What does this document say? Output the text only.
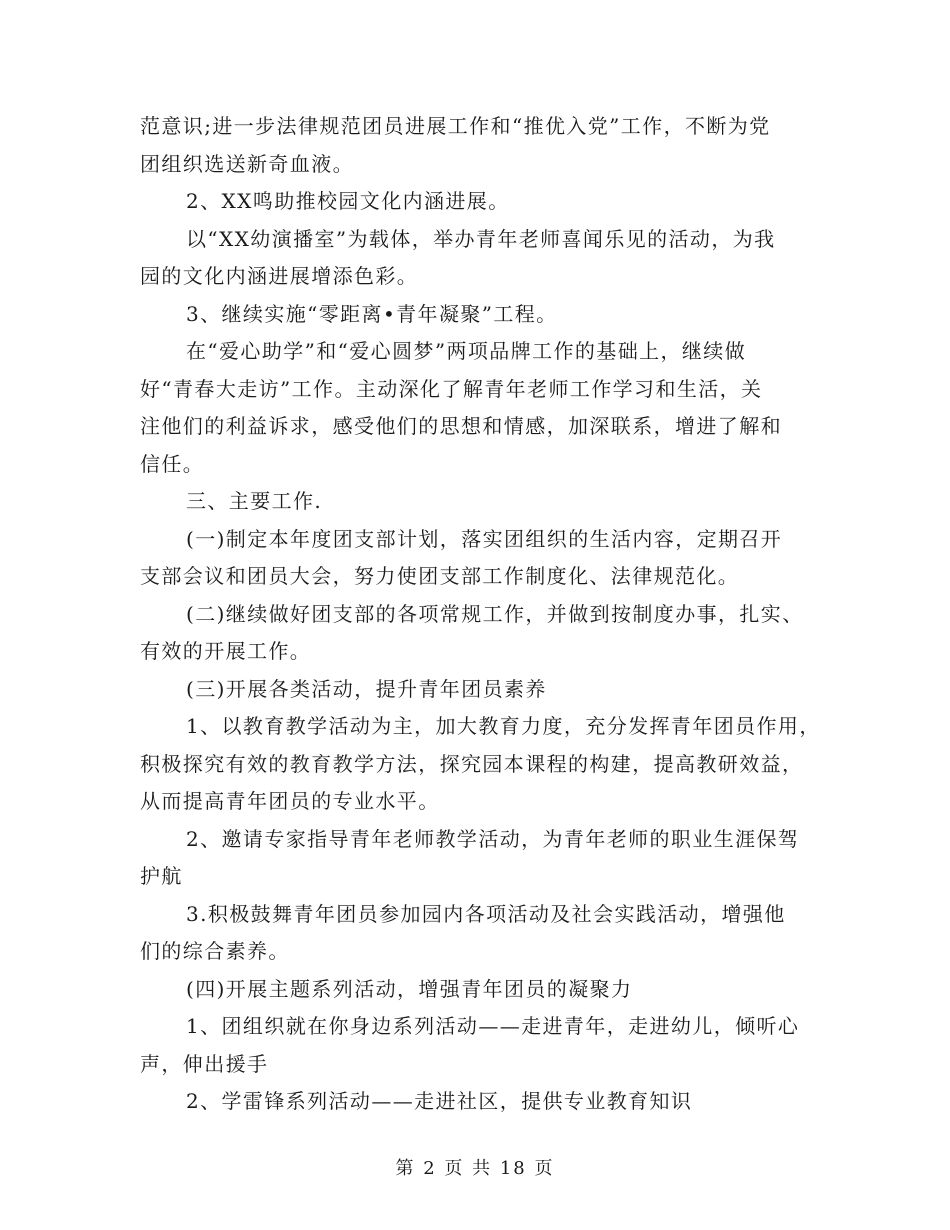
范意识;进一步法律规范团员进展工作和“推优入党”工作，不断为党
团组织选送新奇血液。

2、XX鸣助推校园文化内涵进展。

以“XX幼演播室”为载体，举办青年老师喜闻乐见的活动，为我
园的文化内涵进展增添色彩。

3、继续实施“零距离•青年凝聚”工程。

在“爱心助学”和“爱心圆梦”两项品牌工作的基础上，继续做
好“青春大走访”工作。主动深化了解青年老师工作学习和生活，关
注他们的利益诉求，感受他们的思想和情感，加深联系，增进了解和
信任。

三、主要工作.

(一)制定本年度团支部计划，落实团组织的生活内容，定期召开
支部会议和团员大会，努力使团支部工作制度化、法律规范化。

(二)继续做好团支部的各项常规工作，并做到按制度办事，扎实、
有效的开展工作。

(三)开展各类活动，提升青年团员素养

1、以教育教学活动为主，加大教育力度，充分发挥青年团员作用，
积极探究有效的教育教学方法，探究园本课程的构建，提高教研效益，
从而提高青年团员的专业水平。

2、邀请专家指导青年老师教学活动，为青年老师的职业生涯保驾
护航

3.积极鼓舞青年团员参加园内各项活动及社会实践活动，增强他
们的综合素养。

(四)开展主题系列活动，增强青年团员的凝聚力

1、团组织就在你身边系列活动——走进青年，走进幼儿，倾听心
声，伸出援手

2、学雷锋系列活动——走进社区，提供专业教育知识

第 2 页 共 18 页
